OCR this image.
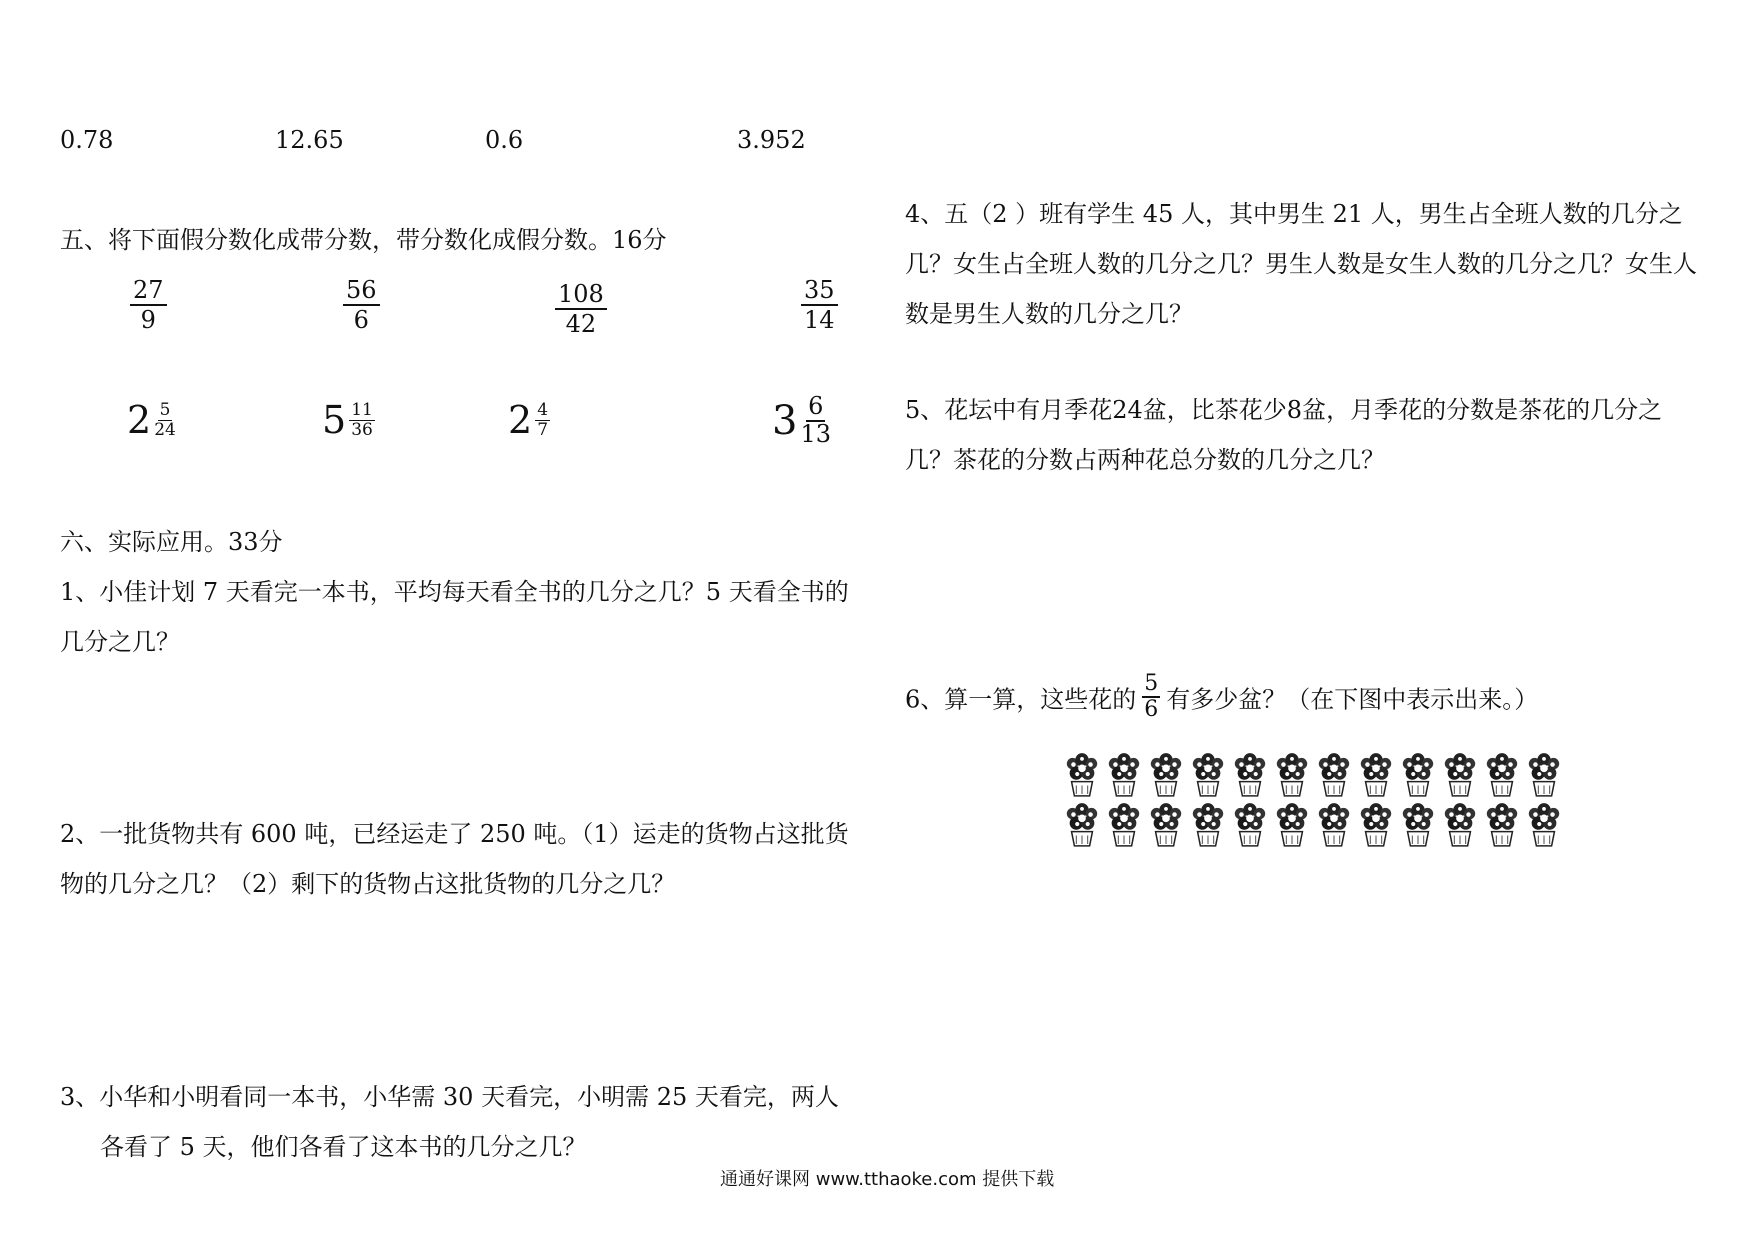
0.78	12.65	0.6	3.952
五、将下面假分数化成带分数，带分数化成假分数。16分
$\frac{27}{9}$	$\frac{56}{6}$	$\frac{108}{42}$	$\frac{35}{14}$
$2 \frac{5}{24}$	$5 \frac{11}{36}$	$2 \frac{4}{7}$	$3 \frac{6}{13}$
六、实际应用。33分
1、小佳计划 7 天看完一本书，平均每天看全书的几分之几？5 天看全书的几分之几？
2、一批货物共有 600 吨，已经运走了 250 吨。（1）运走的货物占这批货物的几分之几？（2）剩下的货物占这批货物的几分之几？
3、小华和小明看同一本书，小华需 30 天看完，小明需 25 天看完，两人
各看了 5 天，他们各看了这本书的几分之几？
4、五（2 ）班有学生 45 人，其中男生 21 人，男生占全班人数的几分之几？女生占全班人数的几分之几？男生人数是女生人数的几分之几？女生人数是男生人数的几分之几？
5、花坛中有月季花24盆，比茶花少8盆，月季花的分数是茶花的几分之几？茶花的分数占两种花总分数的几分之几？
6、算一算，这些花的 $\frac{5}{6}$ 有多少盆？（在下图中表示出来。）
通通好课网 www.tthaoke.com 提供下载
